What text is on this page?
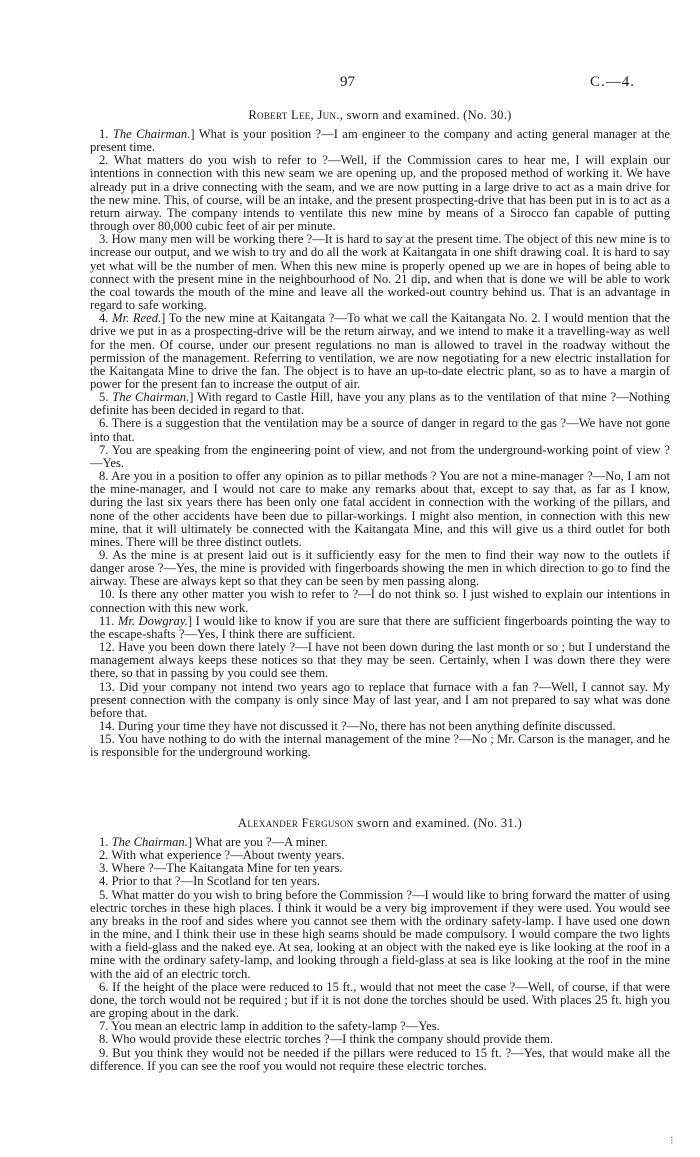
97	C.—4.

Robert Lee, Jun., sworn and examined. (No. 30.)

1. The Chairman.] What is your position ?—I am engineer to the company and acting general manager at the present time.

2. What matters do you wish to refer to ?—Well, if the Commission cares to hear me, I will explain our intentions in connection with this new seam we are opening up, and the proposed method of working it. We have already put in a drive connecting with the seam, and we are now putting in a large drive to act as a main drive for the new mine. This, of course, will be an intake, and the present prospecting-drive that has been put in is to act as a return airway. The company intends to ventilate this new mine by means of a Sirocco fan capable of putting through over 80,000 cubic feet of air per minute.

3. How many men will be working there ?—It is hard to say at the present time. The object of this new mine is to increase our output, and we wish to try and do all the work at Kaitangata in one shift drawing coal. It is hard to say yet what will be the number of men. When this new mine is properly opened up we are in hopes of being able to connect with the present mine in the neighbourhood of No. 21 dip, and when that is done we will be able to work the coal towards the mouth of the mine and leave all the worked-out country behind us. That is an advantage in regard to safe working.

4. Mr. Reed.] To the new mine at Kaitangata ?—To what we call the Kaitangata No. 2. I would mention that the drive we put in as a prospecting-drive will be the return airway, and we intend to make it a travelling-way as well for the men. Of course, under our present regulations no man is allowed to travel in the roadway without the permission of the management. Referring to ventilation, we are now negotiating for a new electric installation for the Kaitangata Mine to drive the fan. The object is to have an up-to-date electric plant, so as to have a margin of power for the present fan to increase the output of air.

5. The Chairman.] With regard to Castle Hill, have you any plans as to the ventilation of that mine ?—Nothing definite has been decided in regard to that.

6. There is a suggestion that the ventilation may be a source of danger in regard to the gas ?—We have not gone into that.

7. You are speaking from the engineering point of view, and not from the underground-working point of view ?—Yes.

8. Are you in a position to offer any opinion as to pillar methods ? You are not a mine-manager ?—No, I am not the mine-manager, and I would not care to make any remarks about that, except to say that, as far as I know, during the last six years there has been only one fatal accident in connection with the working of the pillars, and none of the other accidents have been due to pillar-workings. I might also mention, in connection with this new mine, that it will ultimately be connected with the Kaitangata Mine, and this will give us a third outlet for both mines. There will be three distinct outlets.

9. As the mine is at present laid out is it sufficiently easy for the men to find their way now to the outlets if danger arose ?—Yes, the mine is provided with fingerboards showing the men in which direction to go to find the airway. These are always kept so that they can be seen by men passing along.

10. Is there any other matter you wish to refer to ?—I do not think so. I just wished to explain our intentions in connection with this new work.

11. Mr. Dowgray.] I would like to know if you are sure that there are sufficient fingerboards pointing the way to the escape-shafts ?—Yes, I think there are sufficient.

12. Have you been down there lately ?—I have not been down during the last month or so ; but I understand the management always keeps these notices so that they may be seen. Certainly, when I was down there they were there, so that in passing by you could see them.

13. Did your company not intend two years ago to replace that furnace with a fan ?—Well, I cannot say. My present connection with the company is only since May of last year, and I am not prepared to say what was done before that.

14. During your time they have not discussed it ?—No, there has not been anything definite discussed.

15. You have nothing to do with the internal management of the mine ?—No ; Mr. Carson is the manager, and he is responsible for the underground working.

Alexander Ferguson sworn and examined. (No. 31.)

1. The Chairman.] What are you ?—A miner.

2. With what experience ?—About twenty years.

3. Where ?—The Kaitangata Mine for ten years.

4. Prior to that ?—In Scotland for ten years.

5. What matter do you wish to bring before the Commission ?—I would like to bring forward the matter of using electric torches in these high places. I think it would be a very big improvement if they were used. You would see any breaks in the roof and sides where you cannot see them with the ordinary safety-lamp. I have used one down in the mine, and I think their use in these high seams should be made compulsory. I would compare the two lights with a field-glass and the naked eye. At sea, looking at an object with the naked eye is like looking at the roof in a mine with the ordinary safety-lamp, and looking through a field-glass at sea is like looking at the roof in the mine with the aid of an electric torch.

6. If the height of the place were reduced to 15 ft., would that not meet the case ?—Well, of course, if that were done, the torch would not be required ; but if it is not done the torches should be used. With places 25 ft. high you are groping about in the dark.

7. You mean an electric lamp in addition to the safety-lamp ?—Yes.

8. Who would provide these electric torches ?—I think the company should provide them.

9. But you think they would not be needed if the pillars were reduced to 15 ft. ?—Yes, that would make all the difference. If you can see the roof you would not require these electric torches.

⁝
